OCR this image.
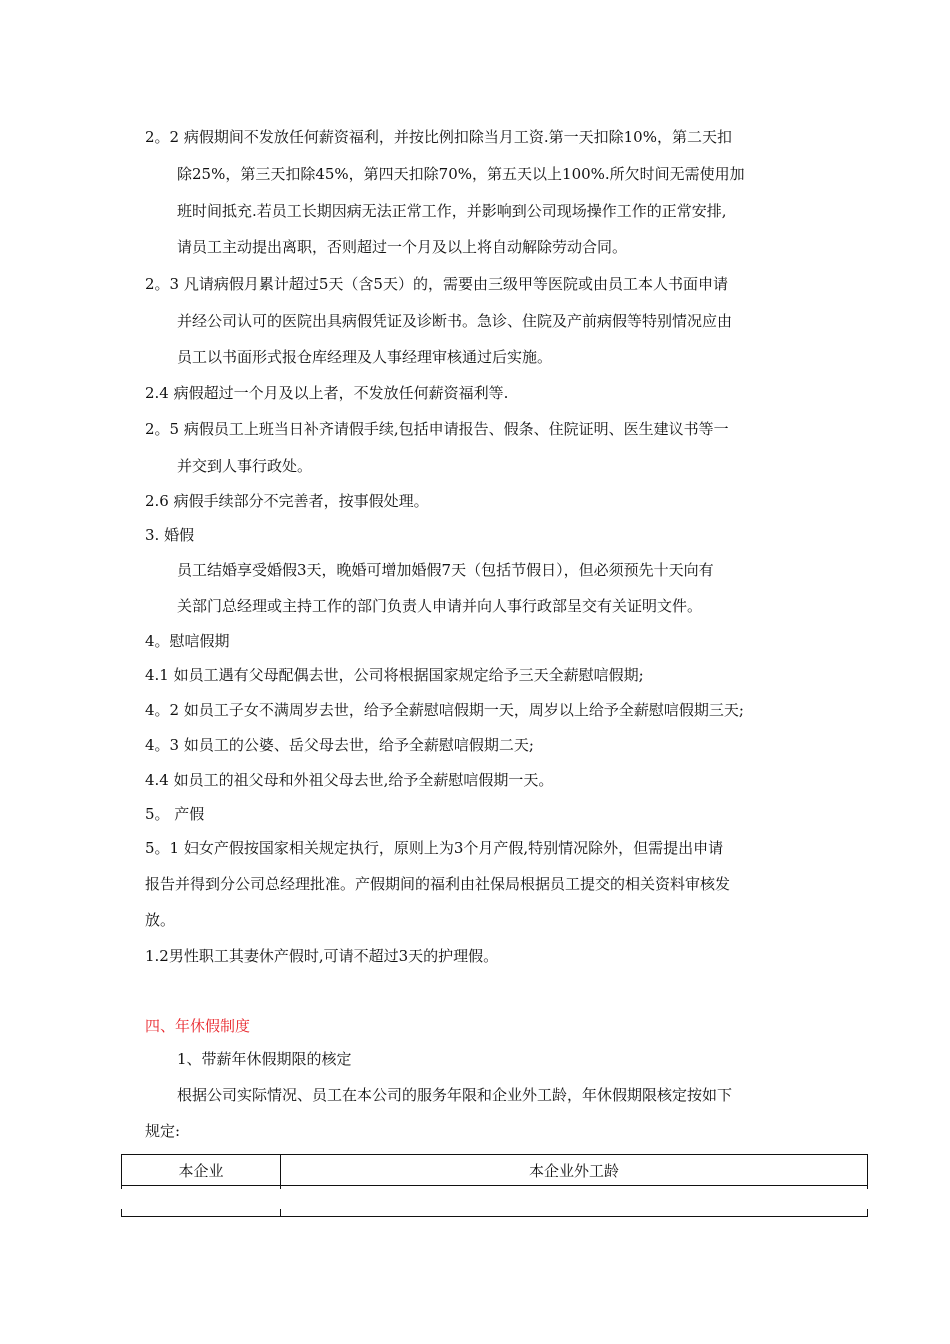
2。2 病假期间不发放任何薪资福利，并按比例扣除当月工资.第一天扣除10%，第二天扣
除25%，第三天扣除45%，第四天扣除70%，第五天以上100%.所欠时间无需使用加
班时间抵充.若员工长期因病无法正常工作，并影响到公司现场操作工作的正常安排,
请员工主动提出离职，否则超过一个月及以上将自动解除劳动合同。
2。3 凡请病假月累计超过5天（含5天）的，需要由三级甲等医院或由员工本人书面申请
并经公司认可的医院出具病假凭证及诊断书。急诊、住院及产前病假等特别情况应由
员工以书面形式报仓库经理及人事经理审核通过后实施。
2.4 病假超过一个月及以上者，不发放任何薪资福利等.
2。5 病假员工上班当日补齐请假手续,包括申请报告、假条、住院证明、医生建议书等一
并交到人事行政处。
2.6 病假手续部分不完善者，按事假处理。
3. 婚假
员工结婚享受婚假3天，晚婚可增加婚假7天（包括节假日），但必须预先十天向有
关部门总经理或主持工作的部门负责人申请并向人事行政部呈交有关证明文件。
4。慰唁假期
4.1 如员工遇有父母配偶去世，公司将根据国家规定给予三天全薪慰唁假期;
4。2 如员工子女不满周岁去世，给予全薪慰唁假期一天，周岁以上给予全薪慰唁假期三天;
4。3 如员工的公婆、岳父母去世，给予全薪慰唁假期二天;
4.4 如员工的祖父母和外祖父母去世,给予全薪慰唁假期一天。
5。 产假
5。1 妇女产假按国家相关规定执行，原则上为3个月产假,特别情况除外，但需提出申请
报告并得到分公司总经理批准。产假期间的福利由社保局根据员工提交的相关资料审核发
放。
1.2男性职工其妻休产假时,可请不超过3天的护理假。
四、年休假制度
1、带薪年休假期限的核定
根据公司实际情况、员工在本公司的服务年限和企业外工龄，年休假期限核定按如下
规定:
本企业	本企业外工龄
